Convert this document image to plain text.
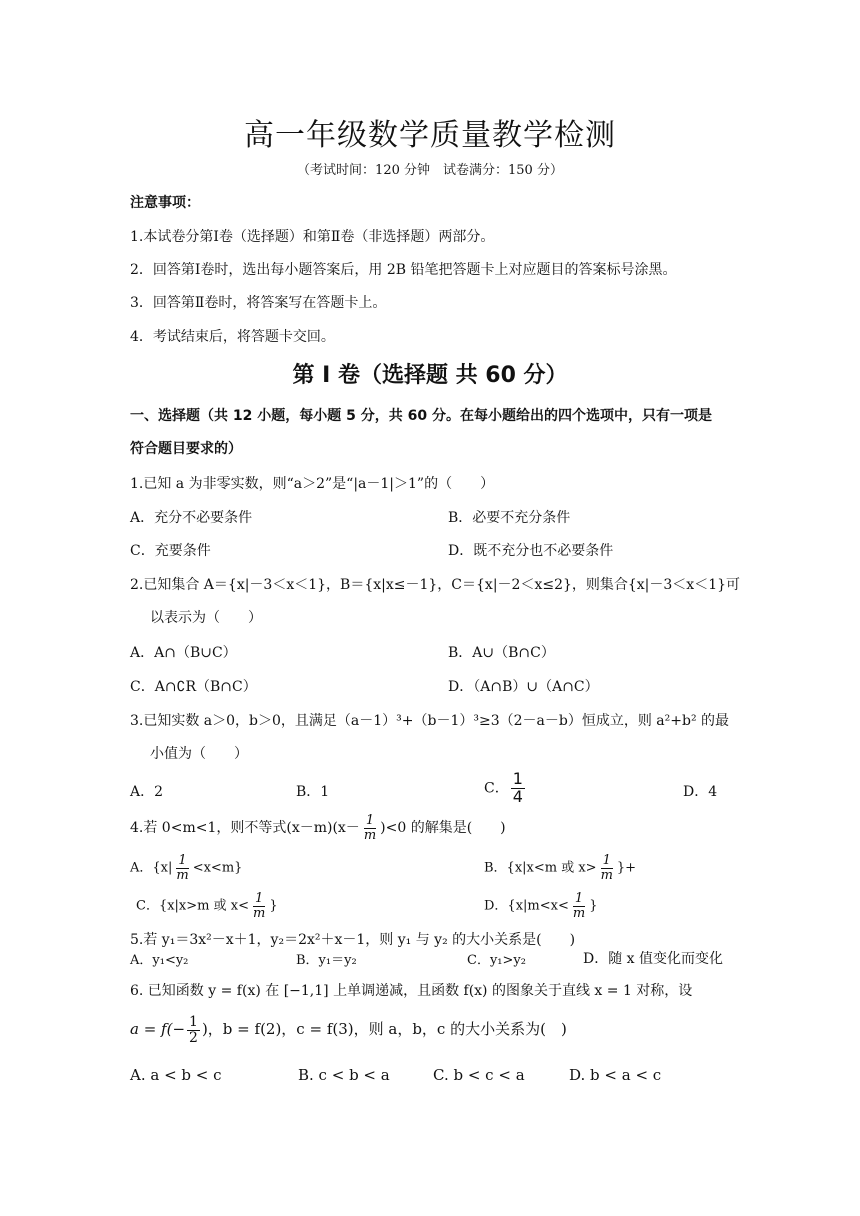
高一年级数学质量教学检测
（考试时间：120 分钟　试卷满分：150 分）
注意事项：
1.本试卷分第Ⅰ卷（选择题）和第Ⅱ卷（非选择题）两部分。
2．回答第Ⅰ卷时，选出每小题答案后，用 2B 铅笔把答题卡上对应题目的答案标号涂黑。
3．回答第Ⅱ卷时，将答案写在答题卡上。
4．考试结束后，将答题卡交回。
第 I 卷（选择题 共 60 分）
一、选择题（共 12 小题，每小题 5 分，共 60 分。在每小题给出的四个选项中，只有一项是
符合题目要求的）
1.已知 a 为非零实数，则“a＞2”是“|a－1|＞1”的（　　）
A．充分不必要条件	B．必要不充分条件
C．充要条件	D．既不充分也不必要条件
2.已知集合 A＝{x|－3＜x＜1}，B＝{x|x≤－1}，C＝{x|－2＜x≤2}，则集合{x|－3＜x＜1}可
以表示为（　　）
A．A∩（B∪C）	B．A∪（B∩C）
C．A∩∁R（B∩C）	D．（A∩B）∪（A∩C）
3.已知实数 a＞0，b＞0，且满足（a－1）³+（b－1）³≥3（2－a－b）恒成立，则 a²+b² 的最
小值为（　　）
A．2	B．1	C． $\frac{1}{4}$	D．4
4.若 0<m<1，则不等式$(x-m)(x- \frac{1}{m} )<0$ 的解集是(　　)
A．$\{x| \frac{1}{m} <x<m\}$	B．{x|x<m 或 $x> \frac{1}{m}$ }+
C．{x|x>m 或 $x< \frac{1}{m}$ }	D．{$x|m<x< \frac{1}{m}$ }
5.若 y₁＝3x²－x＋1，y₂＝2x²＋x－1，则 y₁ 与 y₂ 的大小关系是(　　)
A．y₁<y₂	B．y₁＝y₂	C．y₁>y₂	D．随 x 值变化而变化
6. 已知函数 y = f(x) 在 [−1,1] 上单调递减，且函数 f(x) 的图象关于直线 x = 1 对称，设
$a = f(- \frac{1}{2}$ )，b = f(2)，c = f(3)，则 a，b，c 的大小关系为(　)
A. a < b < c	B. c < b < a	C. b < c < a	D. b < a < c
